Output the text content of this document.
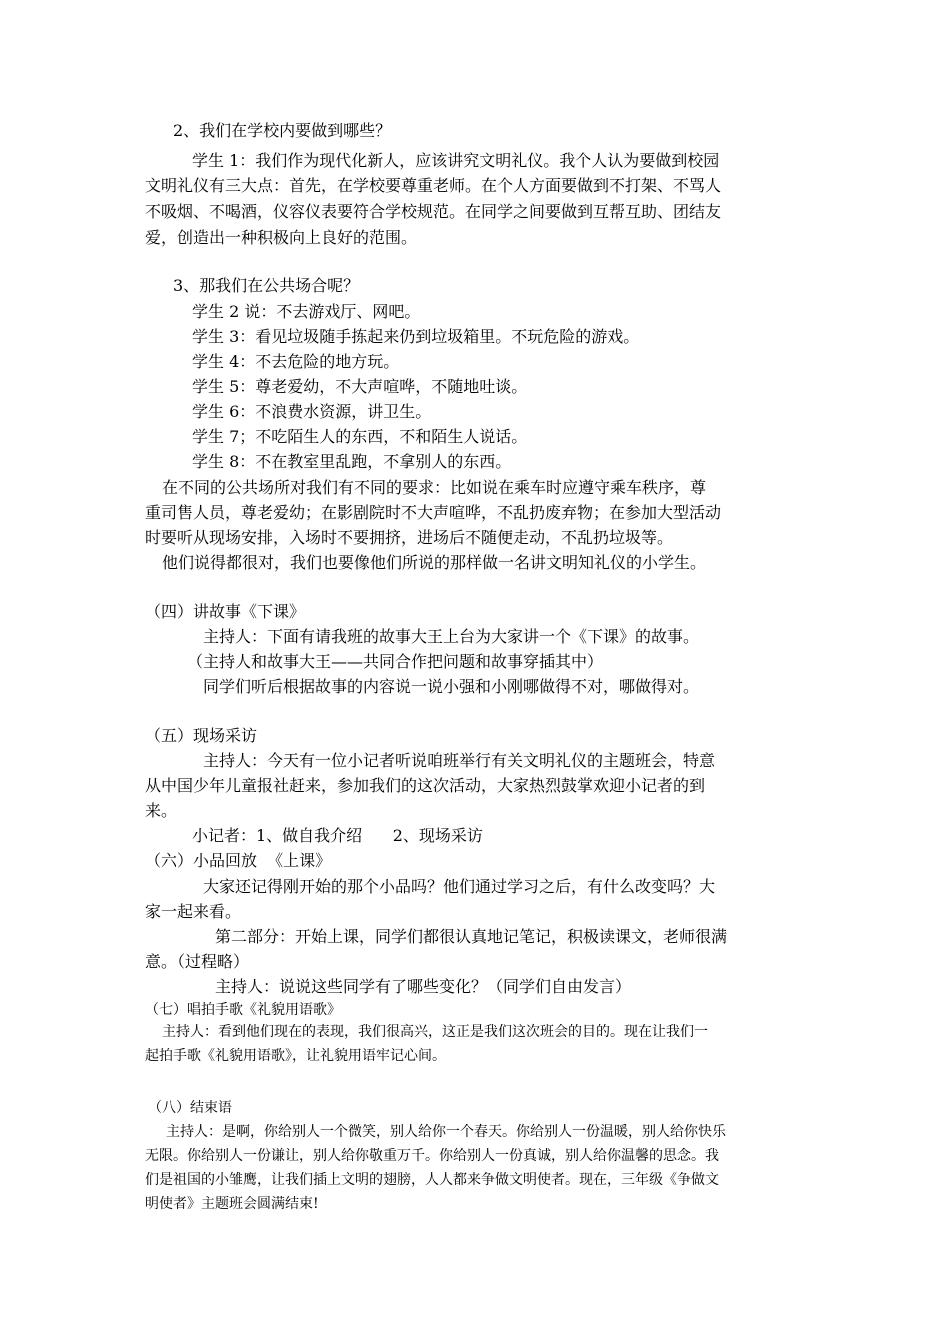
2、我们在学校内要做到哪些？
学生 1：我们作为现代化新人，应该讲究文明礼仪。我个人认为要做到校园
文明礼仪有三大点：首先，在学校要尊重老师。在个人方面要做到不打架、不骂人
不吸烟、不喝酒，仪容仪表要符合学校规范。在同学之间要做到互帮互助、团结友
爱，创造出一种积极向上良好的范围。
3、那我们在公共场合呢？
学生 2 说：不去游戏厅、网吧。
学生 3：看见垃圾随手拣起来仍到垃圾箱里。不玩危险的游戏。
学生 4：不去危险的地方玩。
学生 5：尊老爱幼，不大声喧哗，不随地吐谈。
学生 6：不浪费水资源，讲卫生。
学生 7；不吃陌生人的东西，不和陌生人说话。
学生 8：不在教室里乱跑，不拿别人的东西。
在不同的公共场所对我们有不同的要求：比如说在乘车时应遵守乘车秩序，尊
重司售人员，尊老爱幼；在影剧院时不大声喧哗，不乱扔废弃物；在参加大型活动
时要听从现场安排，入场时不要拥挤，进场后不随便走动，不乱扔垃圾等。
他们说得都很对，我们也要像他们所说的那样做一名讲文明知礼仪的小学生。
（四）讲故事《下课》
主持人：下面有请我班的故事大王上台为大家讲一个《下课》的故事。
（主持人和故事大王——共同合作把问题和故事穿插其中）
同学们听后根据故事的内容说一说小强和小刚哪做得不对，哪做得对。
（五）现场采访
主持人：今天有一位小记者听说咱班举行有关文明礼仪的主题班会，特意
从中国少年儿童报社赶来，参加我们的这次活动，大家热烈鼓掌欢迎小记者的到
来。
小记者：1、做自我介绍      2、现场采访
（六）小品回放  《上课》
大家还记得刚开始的那个小品吗？他们通过学习之后，有什么改变吗？大
家一起来看。
第二部分：开始上课，同学们都很认真地记笔记，积极读课文，老师很满
意。（过程略）
主持人：说说这些同学有了哪些变化？（同学们自由发言）
（七）唱拍手歌《礼貌用语歌》
主持人：看到他们现在的表现，我们很高兴，这正是我们这次班会的目的。现在让我们一
起拍手歌《礼貌用语歌》，让礼貌用语牢记心间。
（八）结束语
主持人：是啊，你给别人一个微笑，别人给你一个春天。你给别人一份温暖，别人给你快乐
无限。你给别人一份谦让，别人给你敬重万千。你给别人一份真诚，别人给你温馨的思念。我
们是祖国的小雏鹰，让我们插上文明的翅膀，人人都来争做文明使者。现在，三年级《争做文
明使者》主题班会圆满结束!
